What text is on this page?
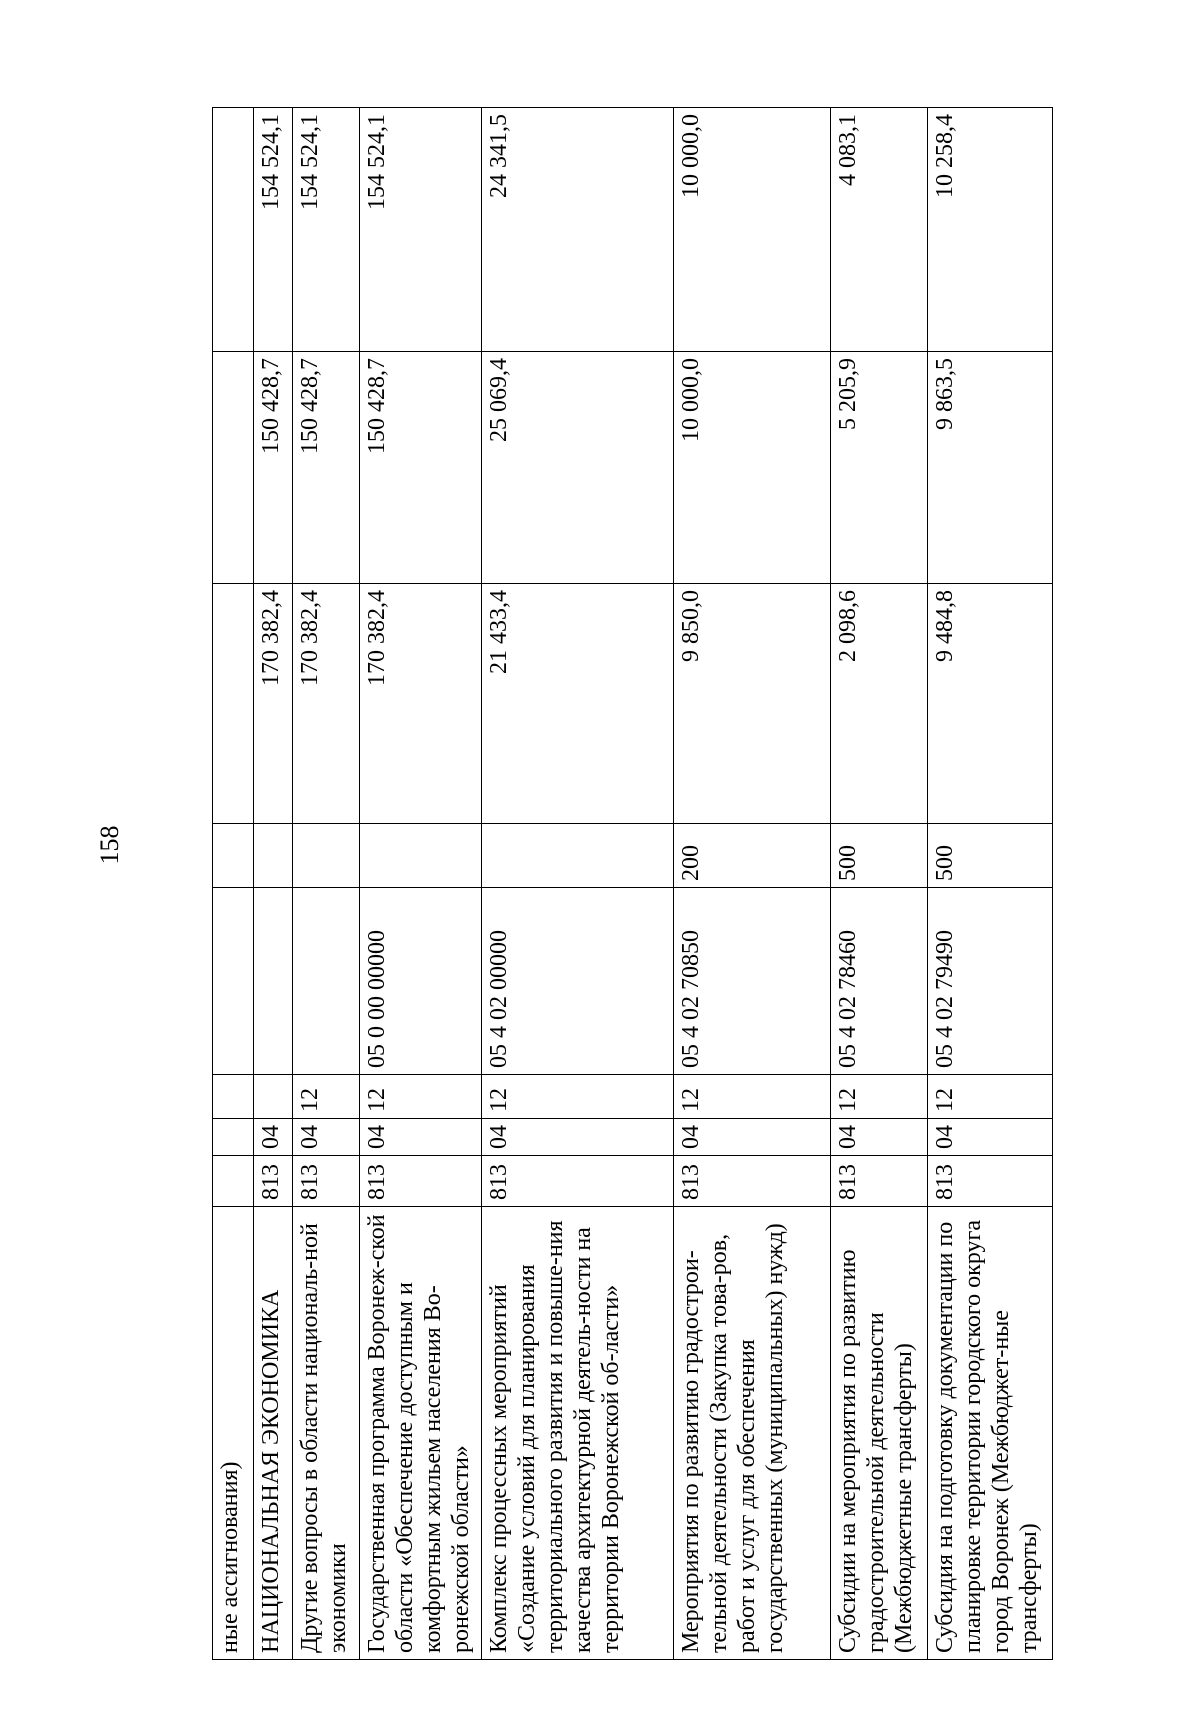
158
ные ассигнования)								
НАЦИОНАЛЬНАЯ ЭКОНОМИКА	813	04				170 382,4	150 428,7	154 524,1
Другие вопросы в области националь-ной экономики	813	04	12			170 382,4	150 428,7	154 524,1
Государственная программа Воронеж-ской области «Обеспечение доступным и комфортным жильем населения Во-ронежской области»	813	04	12	05 0 00 00000		170 382,4	150 428,7	154 524,1
Комплекс процессных мероприятий «Создание условий для планирования территориального развития и повыше-ния качества архитектурной деятель-ности на территории Воронежской об-ласти»	813	04	12	05 4 02 00000		21 433,4	25 069,4	24 341,5
Мероприятия по развитию градострои-тельной деятельности (Закупка това-ров, работ и услуг для обеспечения государственных (муниципальных) нужд)	813	04	12	05 4 02 70850	200	9 850,0	10 000,0	10 000,0
Субсидии на мероприятия по развитию градостроительной деятельности (Межбюджетные трансферты)	813	04	12	05 4 02 78460	500	2 098,6	5 205,9	4 083,1
Субсидия на подготовку документации по планировке территории городского округа город Воронеж (Межбюджет-ные трансферты)	813	04	12	05 4 02 79490	500	9 484,8	9 863,5	10 258,4
